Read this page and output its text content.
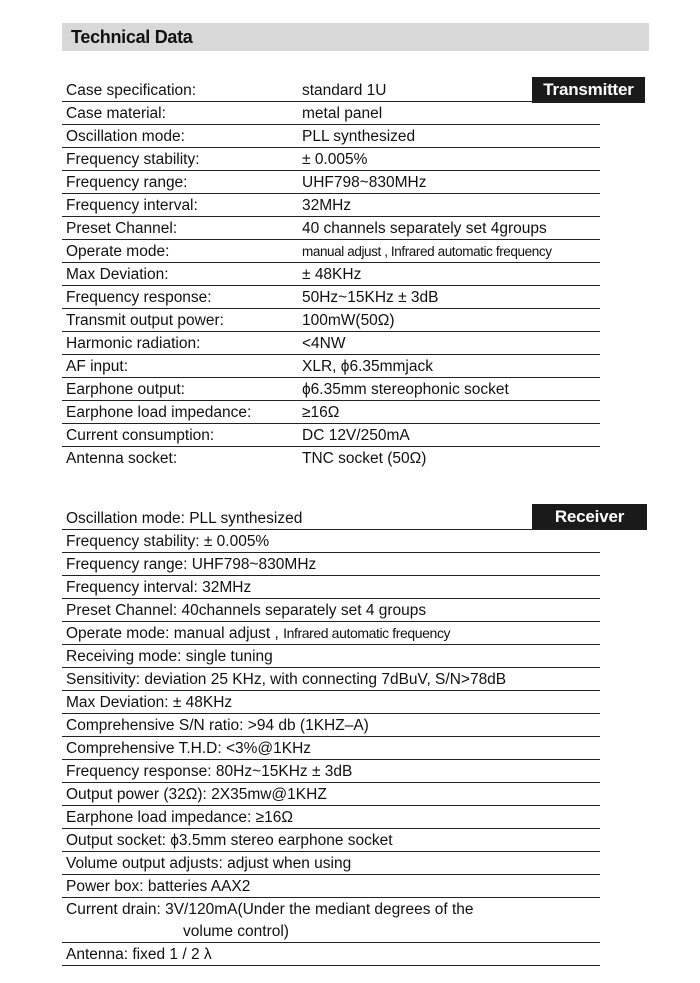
Technical Data
Transmitter
Case specification:	standard 1U
Case material:	metal panel
Oscillation mode:	PLL synthesized
Frequency stability:	± 0.005%
Frequency range:	UHF798~830MHz
Frequency interval:	32MHz
Preset Channel:	40 channels separately set 4groups
Operate mode:	manual adjust , Infrared automatic frequency
Max Deviation:	± 48KHz
Frequency response:	50Hz~15KHz ± 3dB
Transmit output power:	100mW(50Ω)
Harmonic radiation:	<4NW
AF input:	XLR, ϕ6.35mmjack
Earphone output:	ϕ6.35mm stereophonic socket
Earphone load impedance:	≥16Ω
Current consumption:	DC 12V/250mA
Antenna socket:	TNC socket (50Ω)
Receiver
Oscillation mode: PLL synthesized
Frequency stability: ± 0.005%
Frequency range: UHF798~830MHz
Frequency interval: 32MHz
Preset Channel: 40channels separately set 4 groups
Operate mode: manual adjust , Infrared automatic frequency
Receiving mode: single tuning
Sensitivity: deviation 25 KHz, with connecting 7dBuV, S/N>78dB
Max Deviation: ± 48KHz
Comprehensive S/N ratio: >94 db (1KHZ–A)
Comprehensive T.H.D: <3%@1KHz
Frequency response: 80Hz~15KHz ± 3dB
Output power (32Ω): 2X35mw@1KHZ
Earphone load impedance: ≥16Ω
Output socket: ϕ3.5mm stereo earphone socket
Volume output adjusts: adjust when using
Power box: batteries AAX2
Current drain: 3V/120mA(Under the mediant degrees of the
volume control)
Antenna: fixed 1 / 2 λ
